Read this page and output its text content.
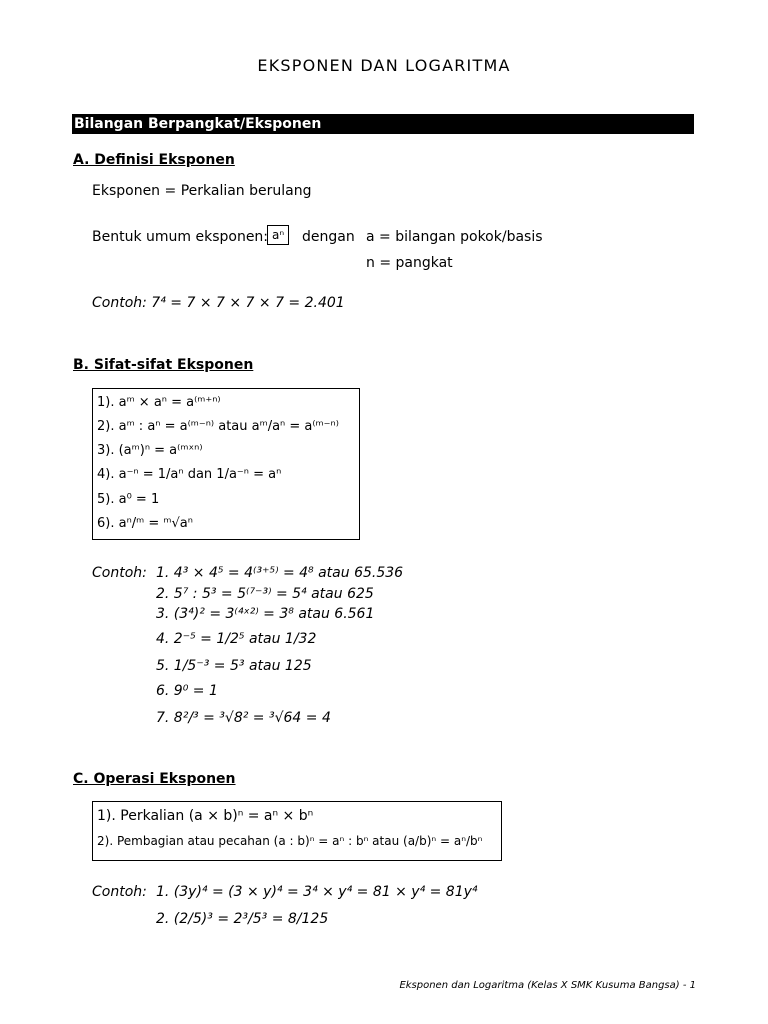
EKSPONEN DAN LOGARITMA
Bilangan Berpangkat/Eksponen
A. Definisi Eksponen
Eksponen = Perkalian berulang
Bentuk umum eksponen: aⁿ	dengan a = bilangan pokok/basis
n = pangkat
Contoh: 7⁴ = 7 × 7 × 7 × 7 = 2.401
B. Sifat-sifat Eksponen
1). aᵐ × aⁿ = a⁽ᵐ⁺ⁿ⁾
2). aᵐ : aⁿ = a⁽ᵐ⁻ⁿ⁾ atau aᵐ/aⁿ = a⁽ᵐ⁻ⁿ⁾
3). (aᵐ)ⁿ = a⁽ᵐˣⁿ⁾
4). a⁻ⁿ = 1/aⁿ dan 1/a⁻ⁿ = aⁿ
5). a⁰ = 1
6). aⁿ/ᵐ = ᵐ√aⁿ
Contoh: 1. 4³ × 4⁵ = 4⁽³⁺⁵⁾ = 4⁸ atau 65.536
2. 5⁷ : 5³ = 5⁽⁷⁻³⁾ = 5⁴ atau 625
3. (3⁴)² = 3⁽⁴ˣ²⁾ = 3⁸ atau 6.561
4. 2⁻⁵ = 1/2⁵ atau 1/32
5. 1/5⁻³ = 5³ atau 125
6. 9⁰ = 1
7. 8²/³ = ³√8² = ³√64 = 4
C. Operasi Eksponen
1). Perkalian (a × b)ⁿ = aⁿ × bⁿ
2). Pembagian atau pecahan (a : b)ⁿ = aⁿ : bⁿ atau (a/b)ⁿ = aⁿ/bⁿ
Contoh: 1. (3y)⁴ = (3 × y)⁴ = 3⁴ × y⁴ = 81 × y⁴ = 81y⁴
2. (2/5)³ = 2³/5³ = 8/125
Eksponen dan Logaritma (Kelas X SMK Kusuma Bangsa) - 1
